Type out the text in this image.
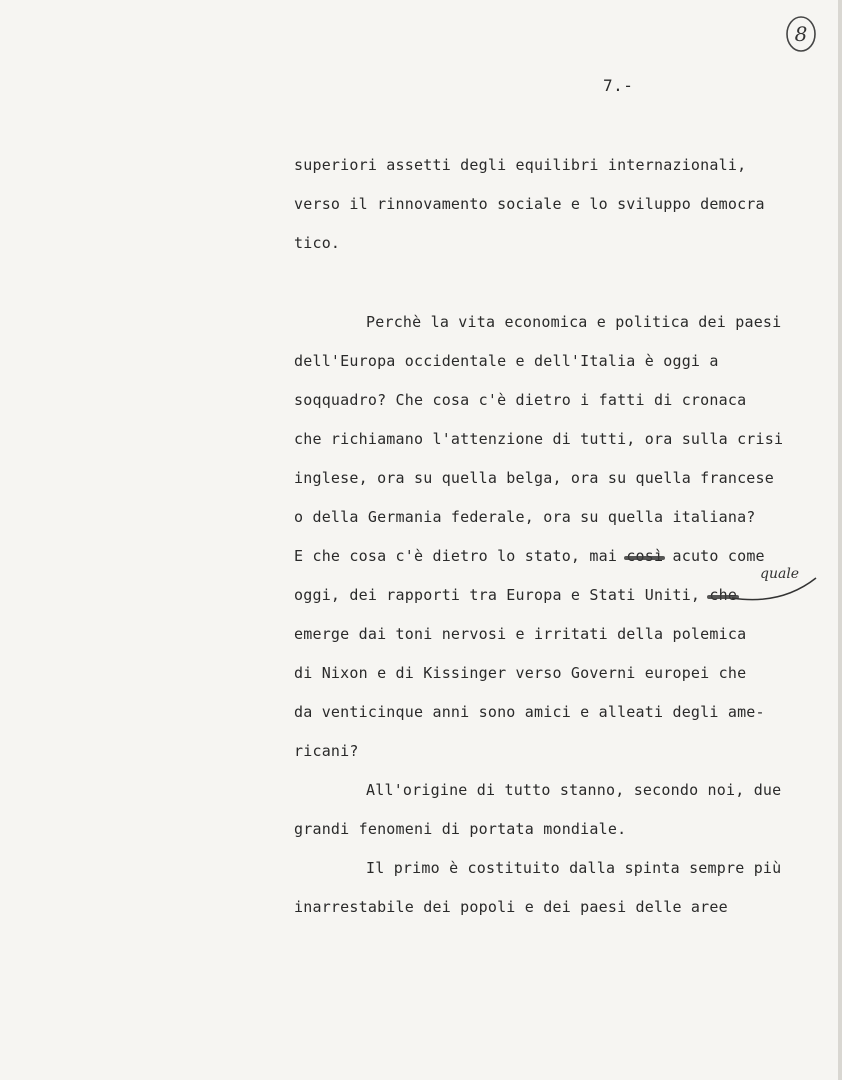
8
7.-
superiori assetti degli equilibri internazionali,
verso il rinnovamento sociale e lo sviluppo democra
tico.
Perchè la vita economica e politica dei paesi
dell'Europa occidentale e dell'Italia è oggi a
soqquadro? Che cosa c'è dietro i fatti di cronaca
che richiamano l'attenzione di tutti, ora sulla crisi
inglese, ora su quella belga, ora su quella francese
o della Germania federale, ora su quella italiana?
E che cosa c'è dietro lo stato, mai	acuto come
oggi, dei rapporti tra Europa e Stati Uniti,
quale
emerge dai toni nervosi e irritati della polemica
di Nixon e di Kissinger verso Governi europei che
da venticinque anni sono amici e alleati degli ame-
ricani?
All'origine di tutto stanno, secondo noi, due
grandi fenomeni di portata mondiale.
Il primo è costituito dalla spinta sempre più
inarrestabile dei popoli e dei paesi delle aree
